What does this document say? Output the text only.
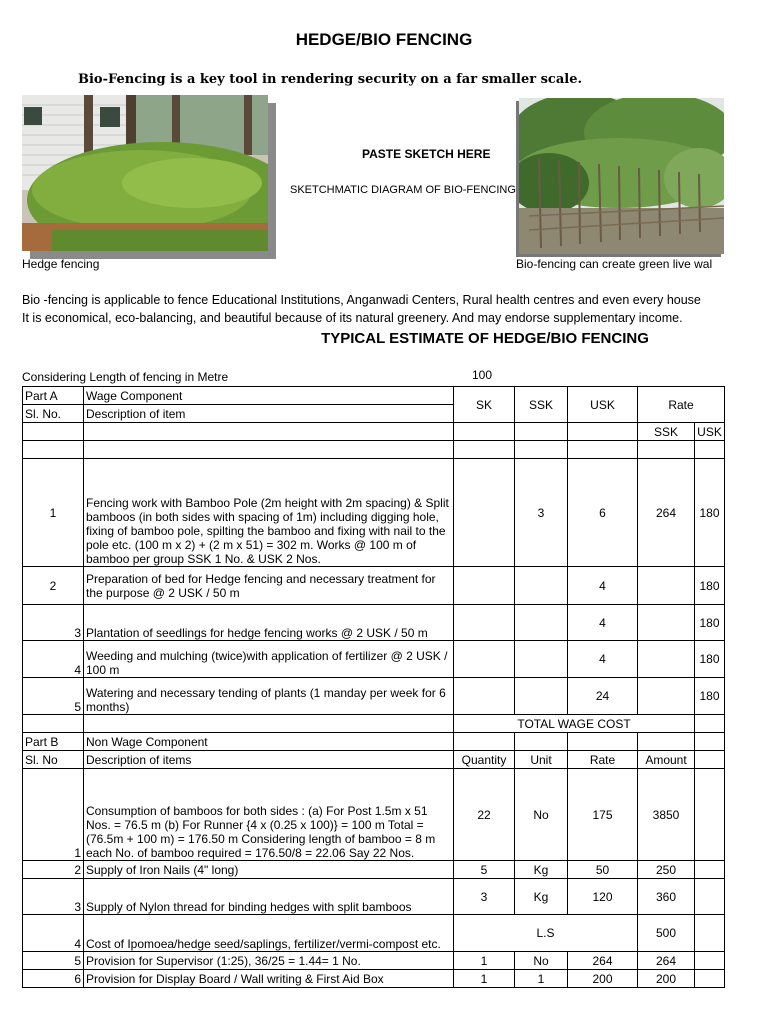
HEDGE/BIO FENCING
Bio-Fencing is a key tool in rendering security on a far smaller scale.
Hedge fencing
PASTE SKETCH HERE
SKETCHMATIC DIAGRAM OF BIO-FENCING
Bio-fencing can create green live wal
Bio -fencing is applicable to fence Educational Institutions, Anganwadi Centers, Rural health centres and even every house
It is economical, eco-balancing, and beautiful because of its natural greenery. And may endorse supplementary income.
TYPICAL ESTIMATE OF HEDGE/BIO FENCING
Considering Length of fencing in Metre	100
Part A	Wage Component	SK	SSK	USK	Rate	
Sl. No.	Description of item					
					SSK	USK

1	Fencing work with Bamboo Pole (2m height with 2m spacing) & Split bamboos (in both sides with spacing of 1m) including digging hole, fixing of bamboo pole, spilting the bamboo and fixing with nail to the pole etc. (100 m x 2) + (2 m x 51) = 302 m. Works @ 100 m of bamboo per group SSK 1 No. & USK 2 Nos.		3	6	264	180
2	Preparation of bed for Hedge fencing and necessary treatment for the purpose @ 2 USK / 50 m			4		180
3	Plantation of seedlings for hedge fencing works @ 2 USK / 50 m			4		180
4	Weeding and mulching (twice)with application of fertilizer @ 2 USK / 100 m			4		180
5	Watering and necessary tending of plants (1 manday per week for 6 months)			24		180
		TOTAL WAGE COST				
Part B	Non Wage Component					
Sl. No	Description of items	Quantity	Unit	Rate	Amount	
1	Consumption of bamboos for both sides : (a) For Post 1.5m x 51 Nos. = 76.5 m (b) For Runner {4 x (0.25 x 100)} = 100 m Total = (76.5m + 100 m) = 176.50 m Considering length of bamboo = 8 m each No. of bamboo required = 176.50/8 = 22.06 Say 22 Nos.	22	No	175	3850	
2	Supply of Iron Nails (4" long)	5	Kg	50	250	
3	Supply of Nylon thread for binding hedges with split bamboos	3	Kg	120	360	
4	Cost of Ipomoea/hedge seed/saplings, fertilizer/vermi-compost etc.	L.S			500	
5	Provision for Supervisor (1:25), 36/25 = 1.44= 1 No.	1	No	264	264	
6	Provision for Display Board / Wall writing & First Aid Box	1	1	200	200	
